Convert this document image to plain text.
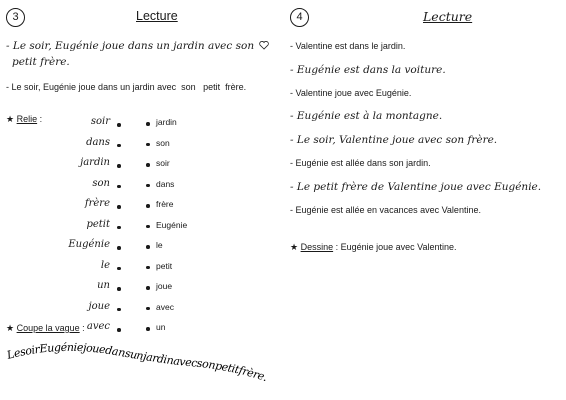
3	Lecture
- Le soir, Eugénie joue dans un jardin avec son
petit frère.
- Le soir, Eugénie joue dans un jardin avec  son   petit  frère.
★ Relie :	soir	jardin
dans	son
jardin	soir
son	dans
frère	frère
petit	Eugénie
Eugénie	le
le	petit
un	joue
joue	avec
avec	un
★ Coupe la vague :
LesoirEugéniejouedansunjardinavecsonpetitfrère.
4	Lecture
- Valentine est dans le jardin.
- Eugénie est dans la voiture.
- Valentine joue avec Eugénie.
- Eugénie est à la montagne.
- Le soir, Valentine joue avec son frère.
- Eugénie est allée dans son jardin.
- Le petit frère de Valentine joue avec Eugénie.
- Eugénie est allée en vacances avec Valentine.
★ Dessine : Eugénie joue avec Valentine.
